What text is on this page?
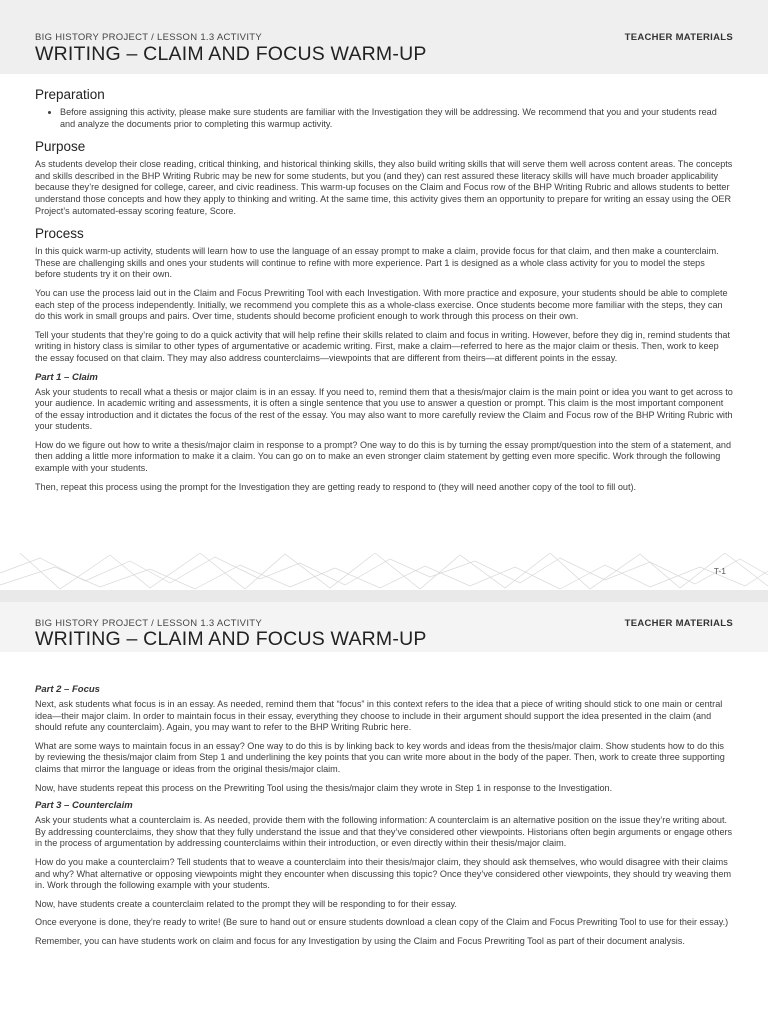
BIG HISTORY PROJECT / LESSON 1.3 ACTIVITY	TEACHER MATERIALS
WRITING – CLAIM AND FOCUS WARM-UP
Preparation
• Before assigning this activity, please make sure students are familiar with the Investigation they will be addressing. We recommend that you and your students read and analyze the documents prior to completing this warmup activity.
Purpose

As students develop their close reading, critical thinking, and historical thinking skills, they also build writing skills that will serve them well across content areas. The concepts and skills described in the BHP Writing Rubric may be new for some students, but you (and they) can rest assured these literacy skills will have much broader applicability because they’re designed for college, career, and civic readiness. This warm-up focuses on the Claim and Focus row of the BHP Writing Rubric and allows students to better understand those concepts and how they apply to thinking and writing. At the same time, this activity gives them an opportunity to prepare for writing an essay using the OER Project’s automated-essay scoring feature, Score.

Process

In this quick warm-up activity, students will learn how to use the language of an essay prompt to make a claim, provide focus for that claim, and then make a counterclaim. These are challenging skills and ones your students will continue to refine with more experience. Part 1 is designed as a whole class activity for you to model the steps before students try it on their own.

You can use the process laid out in the Claim and Focus Prewriting Tool with each Investigation. With more practice and exposure, your students should be able to complete each step of the process independently. Initially, we recommend you complete this as a whole-class exercise. Once students become more familiar with the steps, they can do this work in small groups and pairs. Over time, students should become proficient enough to work through this process on their own.

Tell your students that they’re going to do a quick activity that will help refine their skills related to claim and focus in writing. However, before they dig in, remind students that writing in history class is similar to other types of argumentative or academic writing. First, make a claim—referred to here as the major claim or thesis. Then, work to keep the essay focused on that claim. They may also address counterclaims—viewpoints that are different from theirs—at different points in the essay.

Part 1 – Claim

Ask your students to recall what a thesis or major claim is in an essay. If you need to, remind them that a thesis/major claim is the main point or idea you want to get across to your audience. In academic writing and assessments, it is often a single sentence that you use to answer a question or prompt. This claim is the most important component of the essay introduction and it dictates the focus of the rest of the essay. You may also want to more carefully review the Claim and Focus row of the BHP Writing Rubric with your students.

How do we figure out how to write a thesis/major claim in response to a prompt? One way to do this is by turning the essay prompt/question into the stem of a statement, and then adding a little more information to make it a claim. You can go on to make an even stronger claim statement by getting even more specific. Work through the following example with your students.

Then, repeat this process using the prompt for the Investigation they are getting ready to respond to (they will need another copy of the tool to fill out).

T-1
BIG HISTORY PROJECT / LESSON 1.3 ACTIVITY	TEACHER MATERIALS
WRITING – CLAIM AND FOCUS WARM-UP
Part 2 – Focus

Next, ask students what focus is in an essay. As needed, remind them that “focus” in this context refers to the idea that a piece of writing should stick to one main or central idea—their major claim. In order to maintain focus in their essay, everything they choose to include in their argument should support the idea presented in the claim (and should refute any counterclaim). Again, you may want to refer to the BHP Writing Rubric here.

What are some ways to maintain focus in an essay? One way to do this is by linking back to key words and ideas from the thesis/major claim. Show students how to do this by reviewing the thesis/major claim from Step 1 and underlining the key points that you can write more about in the body of the paper. Then, work to create three supporting claims that mirror the language or ideas from the original thesis/major claim.

Now, have students repeat this process on the Prewriting Tool using the thesis/major claim they wrote in Step 1 in response to the Investigation.

Part 3 – Counterclaim

Ask your students what a counterclaim is. As needed, provide them with the following information: A counterclaim is an alternative position on the issue they’re writing about. By addressing counterclaims, they show that they fully understand the issue and that they’ve considered other viewpoints. Historians often begin arguments or engage others in the process of argumentation by addressing counterclaims within their introduction, or even directly within their thesis/major claim.

How do you make a counterclaim? Tell students that to weave a counterclaim into their thesis/major claim, they should ask themselves, who would disagree with their claims and why? What alternative or opposing viewpoints might they encounter when discussing this topic? Once they’ve considered other viewpoints, they should try weaving them in. Work through the following example with your students.

Now, have students create a counterclaim related to the prompt they will be responding to for their essay.

Once everyone is done, they’re ready to write! (Be sure to hand out or ensure students download a clean copy of the Claim and Focus Prewriting Tool to use for their essay.)

Remember, you can have students work on claim and focus for any Investigation by using the Claim and Focus Prewriting Tool as part of their document analysis.
